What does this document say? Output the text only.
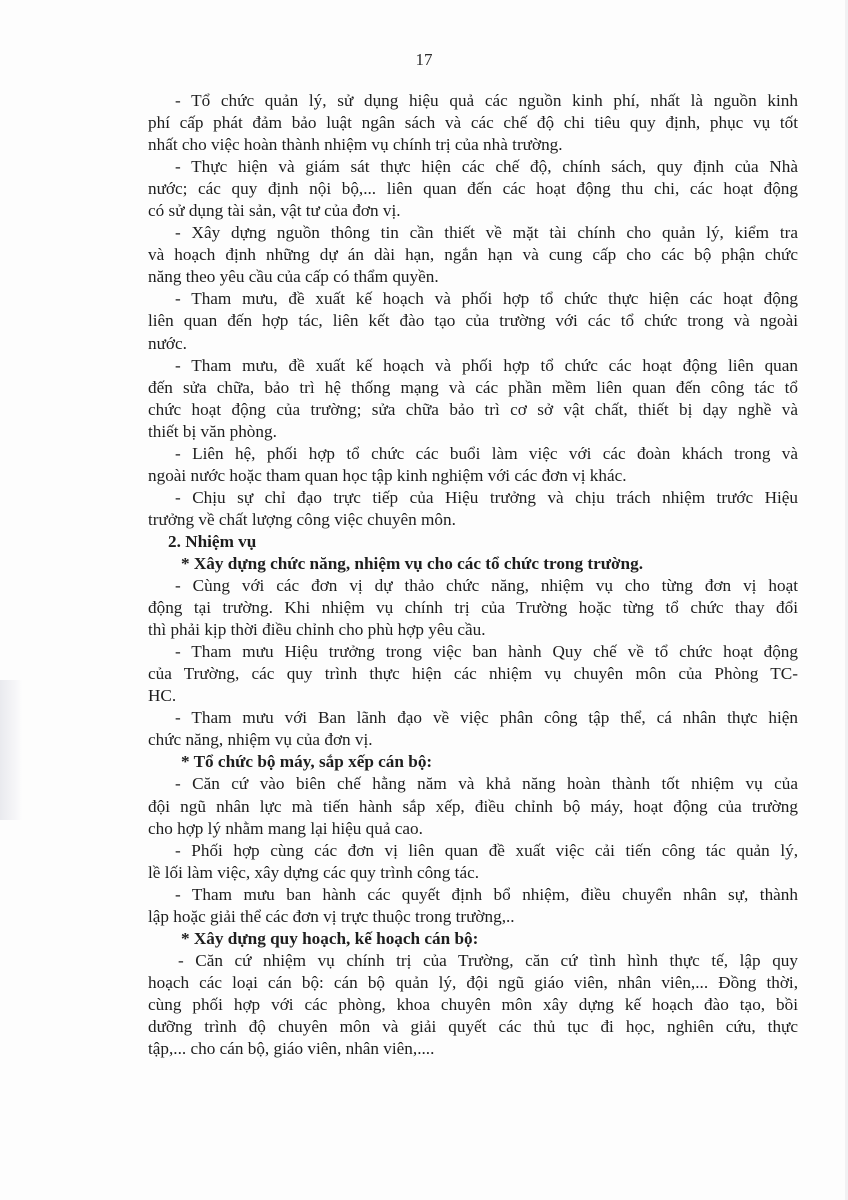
17

- Tổ chức quản lý, sử dụng hiệu quả các nguồn kinh phí, nhất là nguồn kinh

phí cấp phát đảm bảo luật ngân sách và các chế độ chi tiêu quy định, phục vụ tốt

nhất cho việc hoàn thành nhiệm vụ chính trị của nhà trường.

- Thực hiện và giám sát thực hiện các chế độ, chính sách, quy định của Nhà

nước; các quy định nội bộ,... liên quan đến các hoạt động thu chi, các hoạt động

có sử dụng tài sản, vật tư của đơn vị.

- Xây dựng nguồn thông tin cần thiết về mặt tài chính cho quản lý, kiểm tra

và hoạch định những dự án dài hạn, ngắn hạn và cung cấp cho các bộ phận chức

năng theo yêu cầu của cấp có thẩm quyền.

- Tham mưu, đề xuất kế hoạch và phối hợp tổ chức thực hiện các hoạt động

liên quan đến hợp tác, liên kết đào tạo của trường với các tổ chức trong và ngoài

nước.

- Tham mưu, đề xuất kế hoạch và phối hợp tổ chức các hoạt động liên quan

đến sửa chữa, bảo trì hệ thống mạng và các phần mềm liên quan đến công tác tổ

chức hoạt động của trường; sửa chữa bảo trì cơ sở vật chất, thiết bị dạy nghề và

thiết bị văn phòng.

- Liên hệ, phối hợp tổ chức các buổi làm việc với các đoàn khách trong và

ngoài nước hoặc tham quan học tập kinh nghiệm với các đơn vị khác.

- Chịu sự chỉ đạo trực tiếp của Hiệu trưởng và chịu trách nhiệm trước Hiệu

trưởng về chất lượng công việc chuyên môn.

2. Nhiệm vụ

* Xây dựng chức năng, nhiệm vụ cho các tổ chức trong trường.

- Cùng với các đơn vị dự thảo chức năng, nhiệm vụ cho từng đơn vị hoạt

động tại trường. Khi nhiệm vụ chính trị của Trường hoặc từng tổ chức thay đổi

thì phải kịp thời điều chỉnh cho phù hợp yêu cầu.

- Tham mưu Hiệu trưởng trong việc ban hành Quy chế về tổ chức hoạt động

của Trường, các quy trình thực hiện các nhiệm vụ chuyên môn của Phòng TC-

HC.

- Tham mưu với Ban lãnh đạo về việc phân công tập thể, cá nhân thực hiện

chức năng, nhiệm vụ của đơn vị.

* Tổ chức bộ máy, sắp xếp cán bộ:

- Căn cứ vào biên chế hằng năm và khả năng hoàn thành tốt nhiệm vụ của

đội ngũ nhân lực mà tiến hành sắp xếp, điều chỉnh bộ máy, hoạt động của trường

cho hợp lý nhằm mang lại hiệu quả cao.

- Phối hợp cùng các đơn vị liên quan đề xuất việc cải tiến công tác quản lý,

lề lối làm việc, xây dựng các quy trình công tác.

- Tham mưu ban hành các quyết định bổ nhiệm, điều chuyển nhân sự, thành

lập hoặc giải thể các đơn vị trực thuộc trong trường,..

* Xây dựng quy hoạch, kế hoạch cán bộ:

- Căn cứ nhiệm vụ chính trị của Trường, căn cứ tình hình thực tế, lập quy

hoạch các loại cán bộ: cán bộ quản lý, đội ngũ giáo viên, nhân viên,... Đồng thời,

cùng phối hợp với các phòng, khoa chuyên môn xây dựng kế hoạch đào tạo, bồi

dưỡng trình độ chuyên môn và giải quyết các thủ tục đi học, nghiên cứu, thực

tập,... cho cán bộ, giáo viên, nhân viên,....
